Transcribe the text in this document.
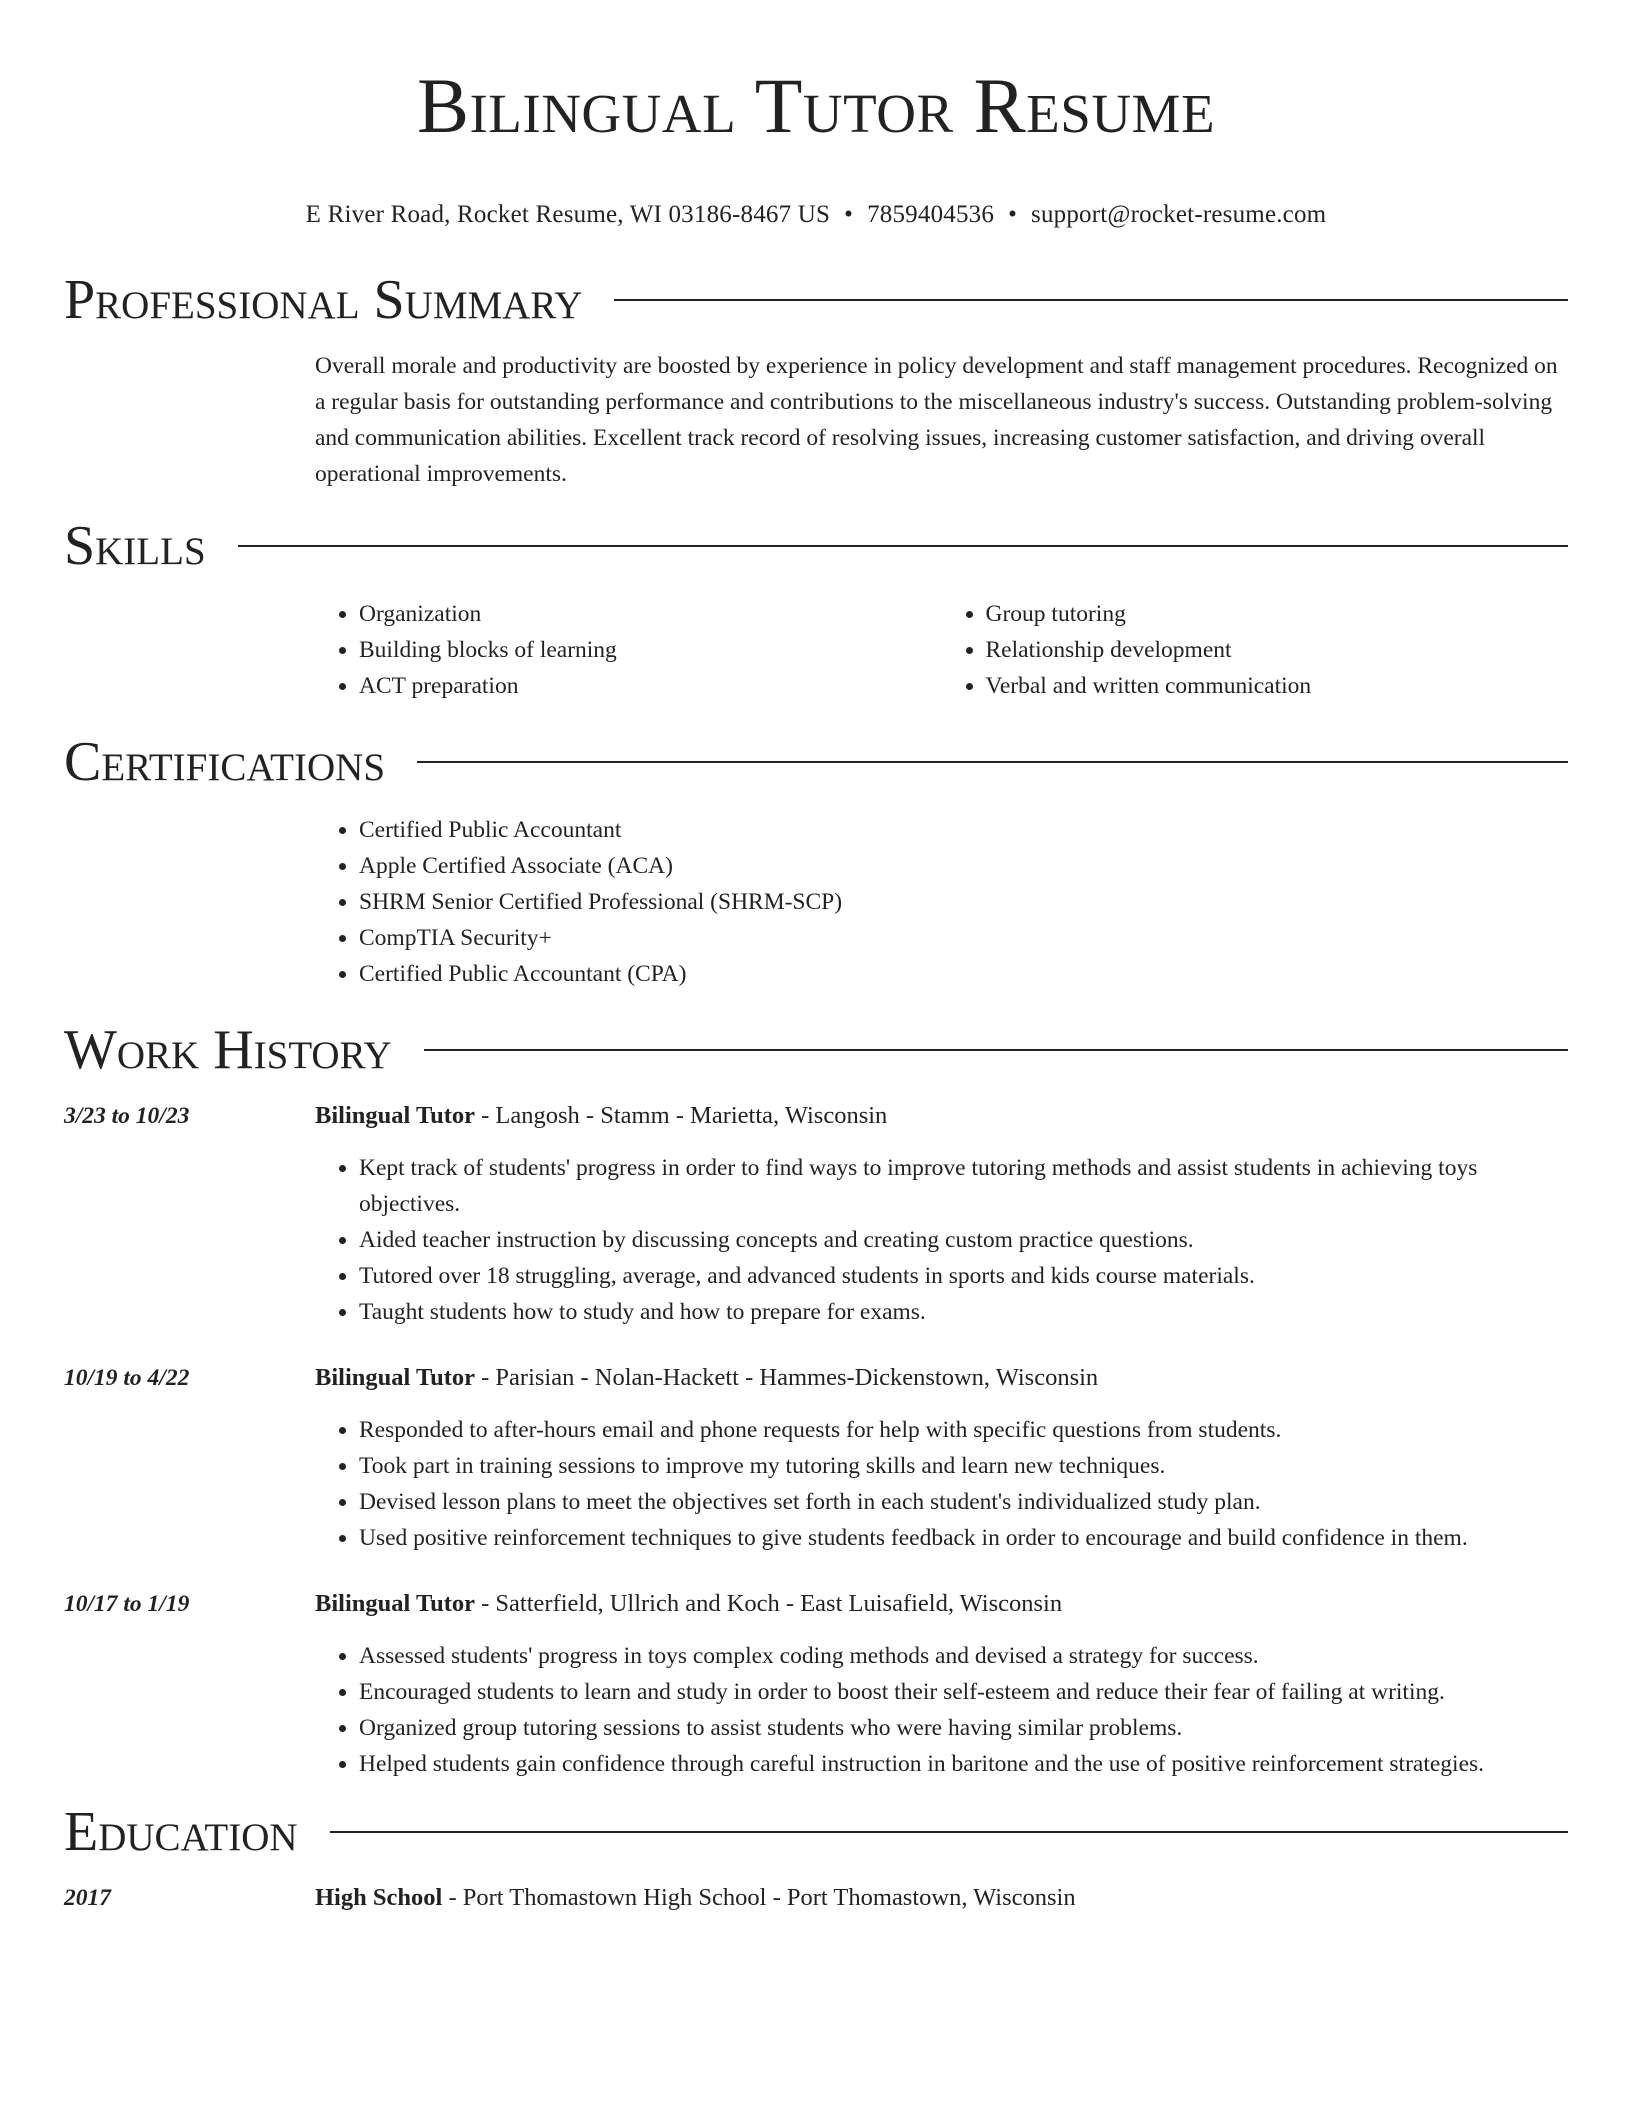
Bilingual Tutor Resume
E River Road, Rocket Resume, WI 03186-8467 US • 7859404536 • support@rocket-resume.com
Professional Summary

Overall morale and productivity are boosted by experience in policy development and staff management procedures. Recognized on a regular basis for outstanding performance and contributions to the miscellaneous industry's success. Outstanding problem-solving and communication abilities. Excellent track record of resolving issues, increasing customer satisfaction, and driving overall operational improvements.

Skills
• Organization
• Building blocks of learning
• ACT preparation
• Group tutoring
• Relationship development
• Verbal and written communication
Certifications
• Certified Public Accountant
• Apple Certified Associate (ACA)
• SHRM Senior Certified Professional (SHRM-SCP)
• CompTIA Security+
• Certified Public Accountant (CPA)
Work History
3/23 to 10/23	Bilingual Tutor - Langosh - Stamm - Marietta, Wisconsin

• Kept track of students' progress in order to find ways to improve tutoring methods and assist students in achieving toys objectives.
• Aided teacher instruction by discussing concepts and creating custom practice questions.
• Tutored over 18 struggling, average, and advanced students in sports and kids course materials.
• Taught students how to study and how to prepare for exams.
10/19 to 4/22	Bilingual Tutor - Parisian - Nolan-Hackett - Hammes-Dickenstown, Wisconsin

• Responded to after-hours email and phone requests for help with specific questions from students.
• Took part in training sessions to improve my tutoring skills and learn new techniques.
• Devised lesson plans to meet the objectives set forth in each student's individualized study plan.
• Used positive reinforcement techniques to give students feedback in order to encourage and build confidence in them.
10/17 to 1/19	Bilingual Tutor - Satterfield, Ullrich and Koch - East Luisafield, Wisconsin

• Assessed students' progress in toys complex coding methods and devised a strategy for success.
• Encouraged students to learn and study in order to boost their self-esteem and reduce their fear of failing at writing.
• Organized group tutoring sessions to assist students who were having similar problems.
• Helped students gain confidence through careful instruction in baritone and the use of positive reinforcement strategies.
Education
2017	High School - Port Thomastown High School - Port Thomastown, Wisconsin
